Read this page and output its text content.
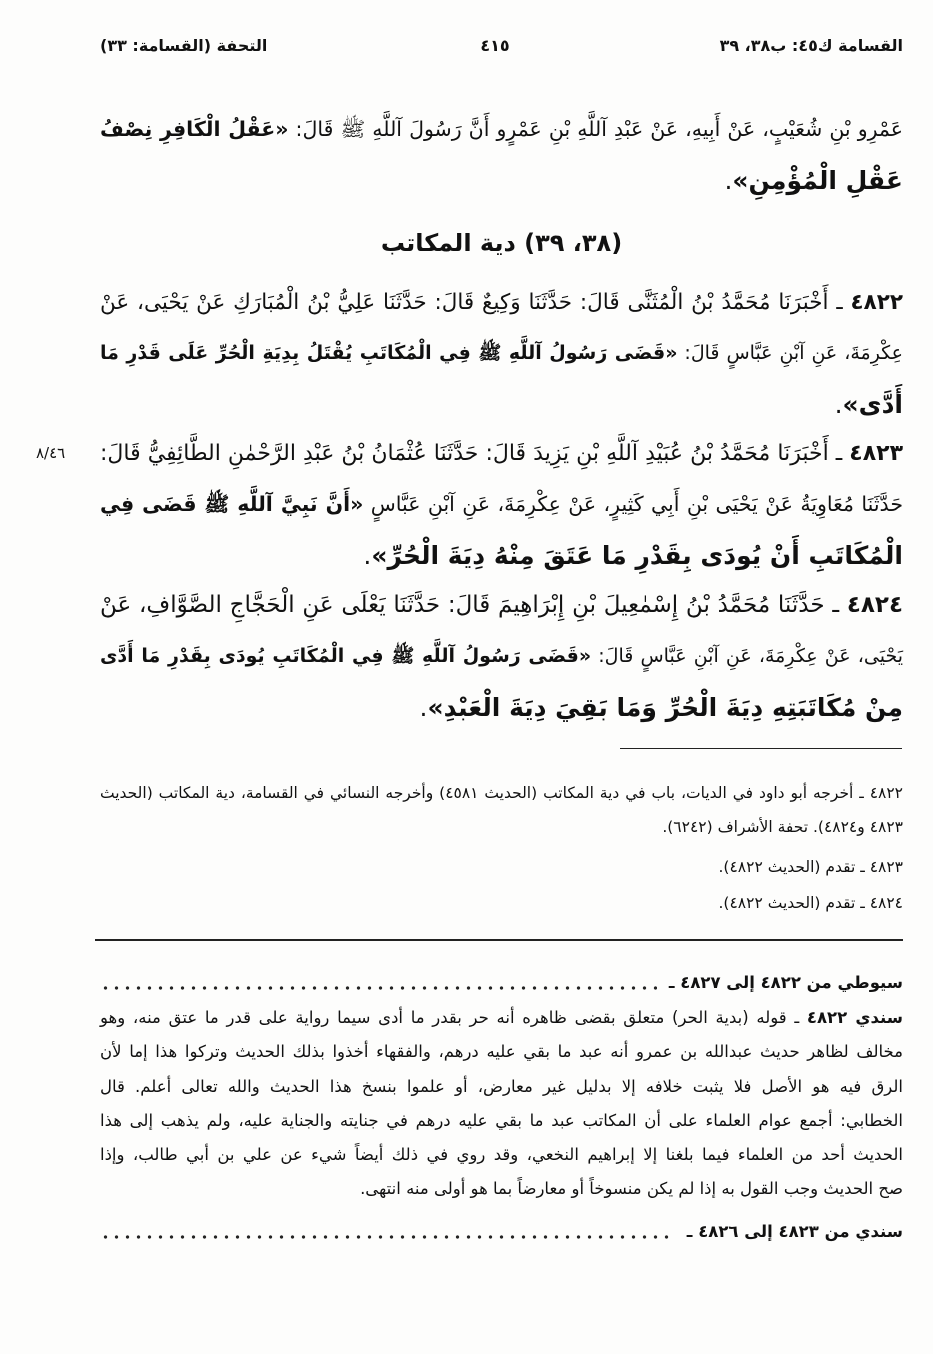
القسامة ك٤٥: ب٣٨، ٣٩
٤١٥
التحفة (القسامة: ٣٣)
عَمْرِو بْنِ شُعَيْبٍ، عَنْ أَبِيهِ، عَنْ عَبْدِ آللَّهِ بْنِ عَمْرٍو أَنَّ رَسُولَ آللَّهِ ﷺ قَالَ: «عَقْلُ الْكَافِرِ نِصْفُ
عَقْلِ الْمُؤْمِنِ».
(٣٨، ٣٩) دية المكاتب
٤٨٢٢ ـ أَخْبَرَنَا مُحَمَّدُ بْنُ الْمُثَنَّى قَالَ: حَدَّثَنَا وَكِيعٌ قَالَ: حَدَّثَنَا عَلِيُّ بْنُ الْمُبَارَكِ عَنْ يَحْيَى، عَنْ
عِكْرِمَةَ، عَنِ آبْنِ عَبَّاسٍ قَالَ: «قَضَى رَسُولُ آللَّهِ ﷺ فِي الْمُكَاتَبِ يُقْتَلُ بِدِيَةِ الْحُرِّ عَلَى قَدْرِ مَا
أَدَّى».
٤٨٢٣ ـ أَخْبَرَنَا مُحَمَّدُ بْنُ عُبَيْدِ آللَّهِ بْنِ يَزِيدَ قَالَ: حَدَّثَنَا عُثْمَانُ بْنُ عَبْدِ الرَّحْمٰنِ الطَّائِفِيُّ قَالَ:
حَدَّثَنَا مُعَاوِيَةُ عَنْ يَحْيَى بْنِ أَبِي كَثِيرٍ، عَنْ عِكْرِمَةَ، عَنِ آبْنِ عَبَّاسٍ «أَنَّ نَبِيَّ آللَّهِ ﷺ قَضَى فِي
الْمُكَاتَبِ أَنْ يُودَى بِقَدْرِ مَا عَتَقَ مِنْهُ دِيَةَ الْحُرِّ».
٤٨٢٤ ـ حَدَّثَنَا مُحَمَّدُ بْنُ إِسْمٰعِيلَ بْنِ إِبْرَاهِيمَ قَالَ: حَدَّثَنَا يَعْلَى عَنِ الْحَجَّاجِ الصَّوَّافِ، عَنْ
يَحْيَى، عَنْ عِكْرِمَةَ، عَنِ آبْنِ عَبَّاسٍ قَالَ: «قَضَى رَسُولُ آللَّهِ ﷺ فِي الْمُكَاتَبِ يُودَى بِقَدْرِ مَا أَدَّى
مِنْ مُكَاتَبَتِهِ دِيَةَ الْحُرِّ وَمَا بَقِيَ دِيَةَ الْعَبْدِ».
٨/٤٦
٤٨٢٢ ـ أخرجه أبو داود في الديات، باب في دية المكاتب (الحديث ٤٥٨١) وأخرجه النسائي في القسامة، دية المكاتب (الحديث
٤٨٢٣ و٤٨٢٤). تحفة الأشراف (٦٢٤٢).
٤٨٢٣ ـ تقدم (الحديث ٤٨٢٢).
٤٨٢٤ ـ تقدم (الحديث ٤٨٢٢).
سيوطي من ٤٨٢٢ إلى ٤٨٢٧ ـ
سندي ٤٨٢٢ ـ قوله (بدية الحر) متعلق بقضى ظاهره أنه حر بقدر ما أدى سيما رواية على قدر ما عتق منه، وهو
مخالف لظاهر حديث عبدالله بن عمرو أنه عبد ما بقي عليه درهم، والفقهاء أخذوا بذلك الحديث وتركوا هذا إما لأن
الرق فيه هو الأصل فلا يثبت خلافه إلا بدليل غير معارض، أو علموا بنسخ هذا الحديث والله تعالى أعلم. قال
الخطابي: أجمع عوام العلماء على أن المكاتب عبد ما بقي عليه درهم في جنايته والجناية عليه، ولم يذهب إلى هذا
الحديث أحد من العلماء فيما بلغنا إلا إبراهيم النخعي، وقد روي في ذلك أيضاً شيء عن علي بن أبي طالب، وإذا
صح الحديث وجب القول به إذا لم يكن منسوخاً أو معارضاً بما هو أولى منه انتهى.
سندي من ٤٨٢٣ إلى ٤٨٢٦ ـ
